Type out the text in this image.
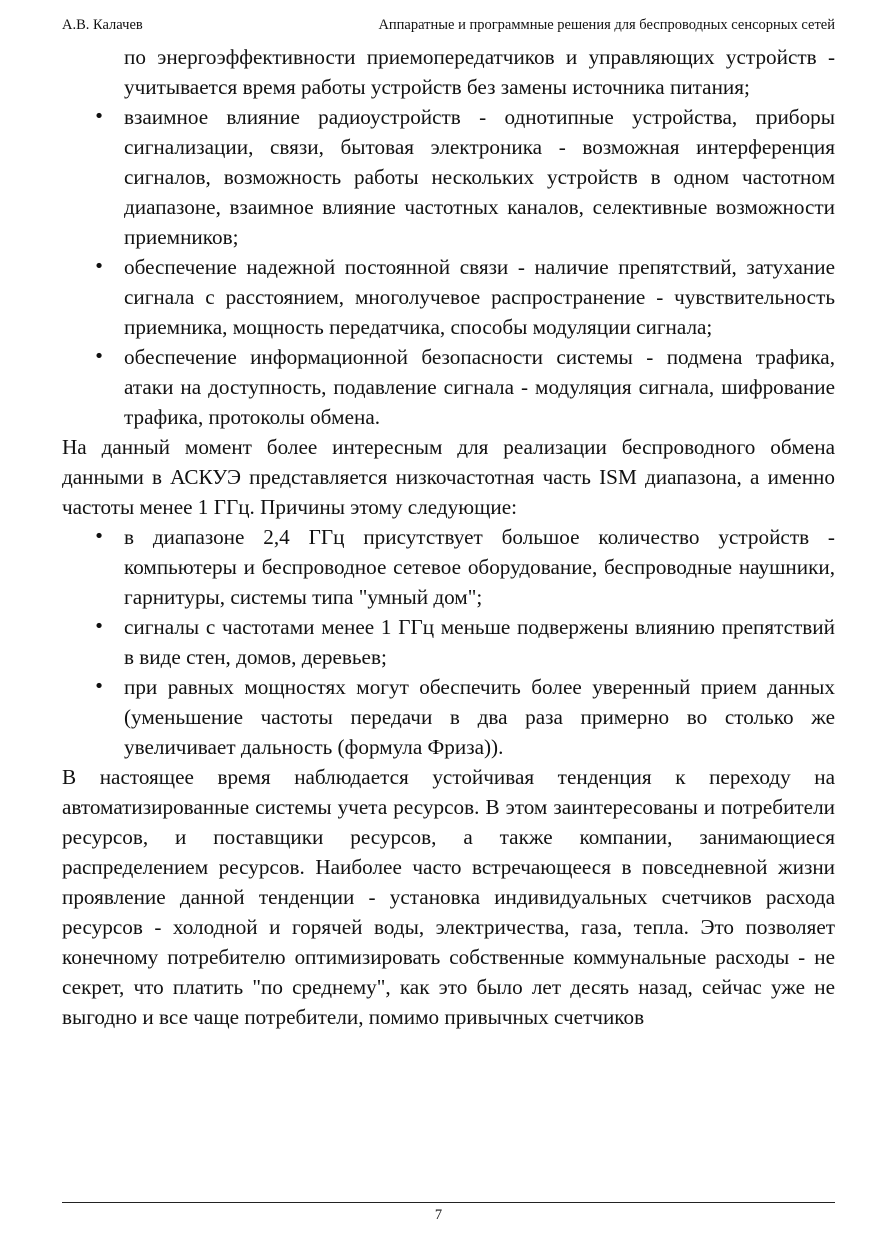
А.В. Калачев	Аппаратные и программные решения для беспроводных сенсорных сетей
по энергоэффективности приемопередатчиков и управляющих устройств - учитывается время работы устройств без замены источника питания;
• взаимное влияние радиоустройств - однотипные устройства, приборы сигнализации, связи, бытовая электроника - возможная интерференция сигналов, возможность работы нескольких устройств в одном частотном диапазоне, взаимное влияние частотных каналов, селективные возможности приемников;
• обеспечение надежной постоянной связи - наличие препятствий, затухание сигнала с расстоянием, многолучевое распространение - чувствительность приемника, мощность передатчика, способы модуляции сигнала;
• обеспечение информационной безопасности системы - подмена трафика, атаки на доступность, подавление сигнала - модуляция сигнала, шифрование трафика, протоколы обмена.

На данный момент более интересным для реализации беспроводного обмена данными в АСКУЭ представляется низкочастотная часть ISM диапазона, а именно частоты менее 1 ГГц. Причины этому следующие:

• в диапазоне 2,4 ГГц присутствует большое количество устройств - компьютеры и беспроводное сетевое оборудование, беспроводные наушники, гарнитуры, системы типа "умный дом";
• сигналы с частотами менее 1 ГГц меньше подвержены влиянию препятствий в виде стен, домов, деревьев;
• при равных мощностях могут обеспечить более уверенный прием данных (уменьшение частоты передачи в два раза примерно во столько же увеличивает дальность (формула Фриза)).

В настоящее время наблюдается устойчивая тенденция к переходу на автоматизированные системы учета ресурсов. В этом заинтересованы и потребители ресурсов, и поставщики ресурсов, а также компании, занимающиеся распределением ресурсов. Наиболее часто встречающееся в повседневной жизни проявление данной тенденции - установка индивидуальных счетчиков расхода ресурсов - холодной и горячей воды, электричества, газа, тепла. Это позволяет конечному потребителю оптимизировать собственные коммунальные расходы - не секрет, что платить "по среднему", как это было лет десять назад, сейчас уже не выгодно и все чаще потребители, помимо привычных счетчиков

7
